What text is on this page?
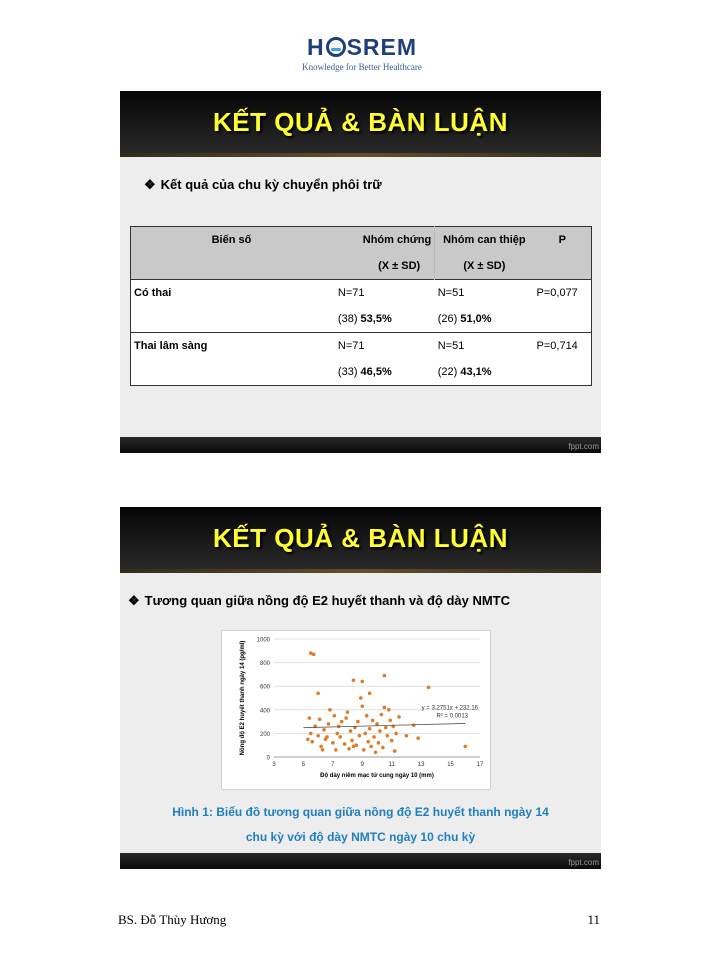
H SREM
Knowledge for Better Healthcare
KẾT QUẢ & BÀN LUẬN
❖ Kết quả của chu kỳ chuyển phôi trữ
Biến số	Nhóm chứng	Nhóm can thiệp	P
	(X ± SD)	(X ± SD)	
Có thai	N=71	N=51	P=0,077
	(38) 53,5%	(26) 51,0%	
Thai lâm sàng	N=71	N=51	P=0,714
	(33) 46,5%	(22) 43,1%	
fppt.com
KẾT QUẢ & BÀN LUẬN
❖ Tương quan giữa nồng độ E2 huyết thanh và độ dày NMTC
0
200
400
600
800
1000
3	5	7	9	11	13	15	17
Độ dày niêm mạc tử cung ngày 10 (mm)
Nồng độ E2 huyết thanh ngày 14 (pg/ml)	y = 3.2751x + 232.16
R² = 0.0013
Hình 1: Biểu đồ tương quan giữa nồng độ E2 huyết thanh ngày 14
chu kỳ với độ dày NMTC ngày 10 chu kỳ
fppt.com
BS. Đỗ Thùy Hương	11
